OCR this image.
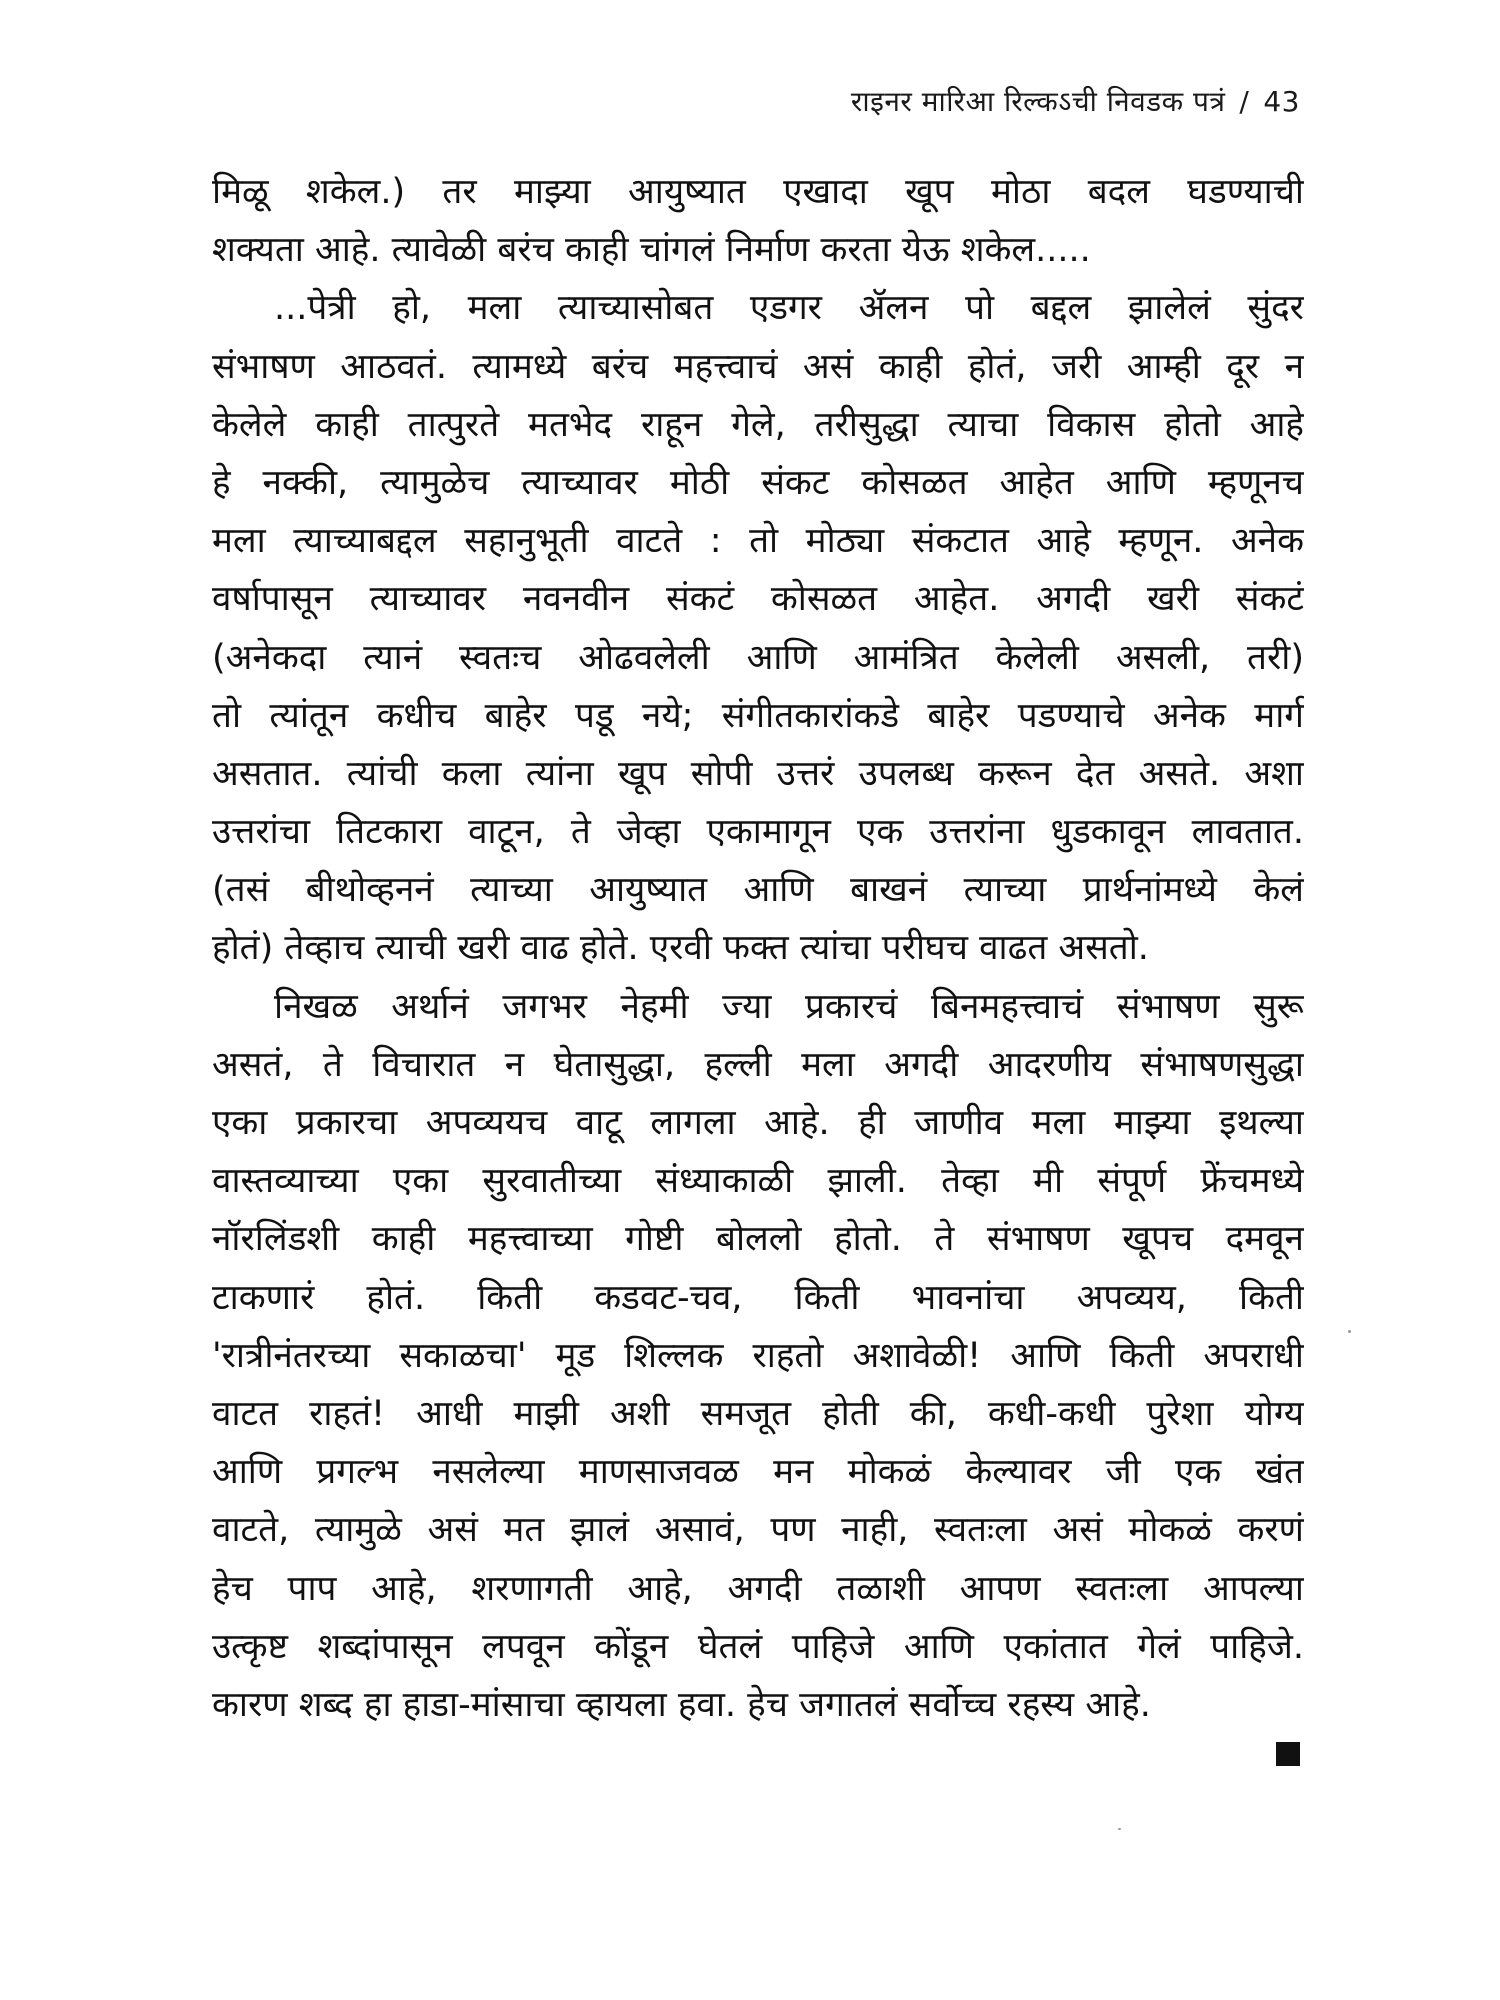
राइनर मारिआ रिल्कऽची निवडक पत्रं / 43
मिळू शकेल.) तर माझ्या आयुष्यात एखादा खूप मोठा बदल घडण्याची
शक्यता आहे. त्यावेळी बरंच काही चांगलं निर्माण करता येऊ शकेल.....
...पेत्री हो, मला त्याच्यासोबत एडगर ॲलन पो बद्दल झालेलं सुंदर
संभाषण आठवतं. त्यामध्ये बरंच महत्त्वाचं असं काही होतं, जरी आम्ही दूर न
केलेले काही तात्पुरते मतभेद राहून गेले, तरीसुद्धा त्याचा विकास होतो आहे
हे नक्की, त्यामुळेच त्याच्यावर मोठी संकट कोसळत आहेत आणि म्हणूनच
मला त्याच्याबद्दल सहानुभूती वाटते : तो मोठ्या संकटात आहे म्हणून. अनेक
वर्षापासून त्याच्यावर नवनवीन संकटं कोसळत आहेत. अगदी खरी संकटं
(अनेकदा त्यानं स्वतःच ओढवलेली आणि आमंत्रित केलेली असली, तरी)
तो त्यांतून कधीच बाहेर पडू नये; संगीतकारांकडे बाहेर पडण्याचे अनेक मार्ग
असतात. त्यांची कला त्यांना खूप सोपी उत्तरं उपलब्ध करून देत असते. अशा
उत्तरांचा तिटकारा वाटून, ते जेव्हा एकामागून एक उत्तरांना धुडकावून लावतात.
(तसं बीथोव्हननं त्याच्या आयुष्यात आणि बाखनं त्याच्या प्रार्थनांमध्ये केलं
होतं) तेव्हाच त्याची खरी वाढ होते. एरवी फक्त त्यांचा परीघच वाढत असतो.
निखळ अर्थानं जगभर नेहमी ज्या प्रकारचं बिनमहत्त्वाचं संभाषण सुरू
असतं, ते विचारात न घेतासुद्धा, हल्ली मला अगदी आदरणीय संभाषणसुद्धा
एका प्रकारचा अपव्ययच वाटू लागला आहे. ही जाणीव मला माझ्या इथल्या
वास्तव्याच्या एका सुरवातीच्या संध्याकाळी झाली. तेव्हा मी संपूर्ण फ्रेंचमध्ये
नॉरलिंडशी काही महत्त्वाच्या गोष्टी बोललो होतो. ते संभाषण खूपच दमवून
टाकणारं होतं. किती कडवट-चव, किती भावनांचा अपव्यय, किती
'रात्रीनंतरच्या सकाळचा' मूड शिल्लक राहतो अशावेळी! आणि किती अपराधी
वाटत राहतं! आधी माझी अशी समजूत होती की, कधी-कधी पुरेशा योग्य
आणि प्रगल्भ नसलेल्या माणसाजवळ मन मोकळं केल्यावर जी एक खंत
वाटते, त्यामुळे असं मत झालं असावं, पण नाही, स्वतःला असं मोकळं करणं
हेच पाप आहे, शरणागती आहे, अगदी तळाशी आपण स्वतःला आपल्या
उत्कृष्ट शब्दांपासून लपवून कोंडून घेतलं पाहिजे आणि एकांतात गेलं पाहिजे.
कारण शब्द हा हाडा-मांसाचा व्हायला हवा. हेच जगातलं सर्वोच्च रहस्य आहे.
